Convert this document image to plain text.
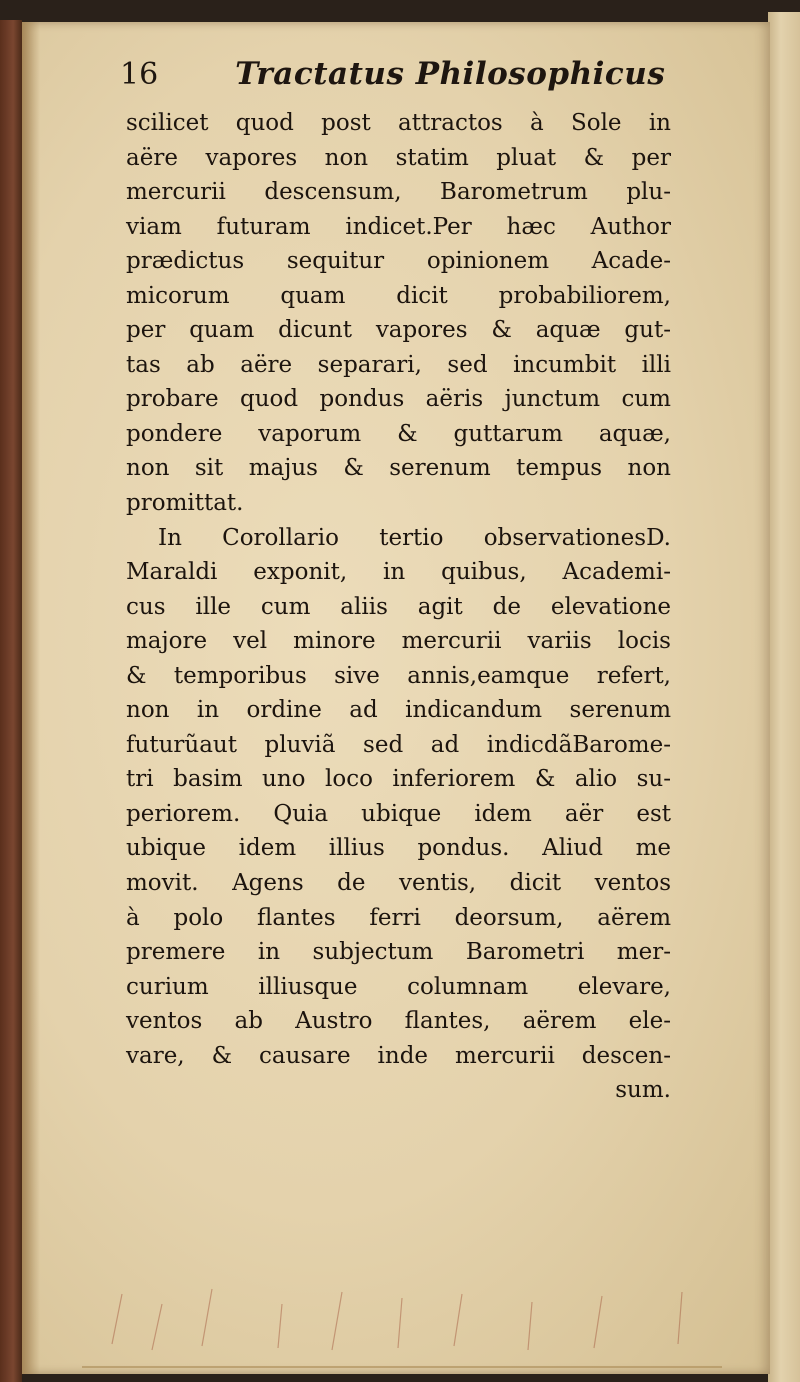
16 Tractatus Philosophicus
scilicet quod post attractos à Sole in
aëre vapores non statim pluat & per
mercurii descensum, Barometrum plu-
viam futuram indicet.Per hæc Author
prædictus sequitur opinionem Acade-
micorum quam dicit probabiliorem,
per quam dicunt vapores & aquæ gut-
tas ab aëre separari, sed incumbit illi
probare quod pondus aëris junctum cum
pondere vaporum & guttarum aquæ,
non sit majus & serenum tempus non
promittat.
In Corollario tertio observationesD.
Maraldi exponit, in quibus, Academi-
cus ille cum aliis agit de elevatione
majore vel minore mercurii variis locis
& temporibus sive annis,eamque refert,
non in ordine ad indicandum serenum
futurũaut pluviã sed ad indicdãBarome-
tri basim uno loco inferiorem & alio su-
periorem. Quia ubique idem aër est
ubique idem illius pondus. Aliud me
movit. Agens de ventis, dicit ventos
à polo flantes ferri deorsum, aërem
premere in subjectum Barometri mer-
curium illiusque columnam elevare,
ventos ab Austro flantes, aërem ele-
vare, & causare inde mercurii descen-
sum.
